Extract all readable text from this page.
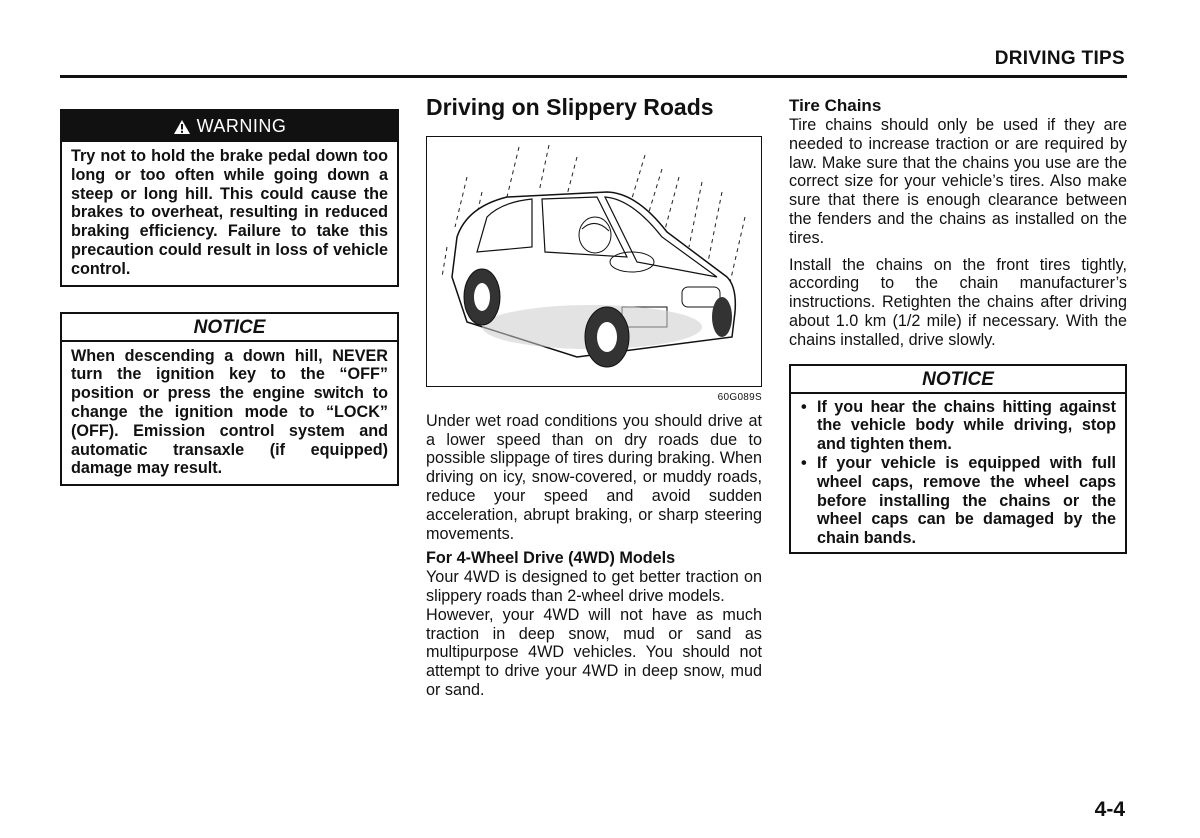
DRIVING TIPS
WARNING
Try not to hold the brake pedal down too long or too often while going down a steep or long hill. This could cause the brakes to overheat, resulting in reduced braking efficiency. Failure to take this precaution could result in loss of vehicle control.
NOTICE
When descending a down hill, NEVER turn the ignition key to the “OFF” position or press the engine switch to change the ignition mode to “LOCK” (OFF). Emission control system and automatic transaxle (if equipped) damage may result.
Driving on Slippery Roads
60G089S
Under wet road conditions you should drive at a lower speed than on dry roads due to possible slippage of tires during braking. When driving on icy, snow-covered, or muddy roads, reduce your speed and avoid sudden acceleration, abrupt braking, or sharp steering movements.
For 4-Wheel Drive (4WD) Models
Your 4WD is designed to get better traction on slippery roads than 2-wheel drive models.
However, your 4WD will not have as much traction in deep snow, mud or sand as multipurpose 4WD vehicles. You should not attempt to drive your 4WD in deep snow, mud or sand.
Tire Chains
Tire chains should only be used if they are needed to increase traction or are required by law. Make sure that the chains you use are the correct size for your vehicle’s tires. Also make sure that there is enough clearance between the fenders and the chains as installed on the tires.
Install the chains on the front tires tightly, according to the chain manufacturer’s instructions. Retighten the chains after driving about 1.0 km (1/2 mile) if necessary. With the chains installed, drive slowly.
NOTICE
• If you hear the chains hitting against the vehicle body while driving, stop and tighten them.
• If your vehicle is equipped with full wheel caps, remove the wheel caps before installing the chains or the wheel caps can be damaged by the chain bands.
4-4
